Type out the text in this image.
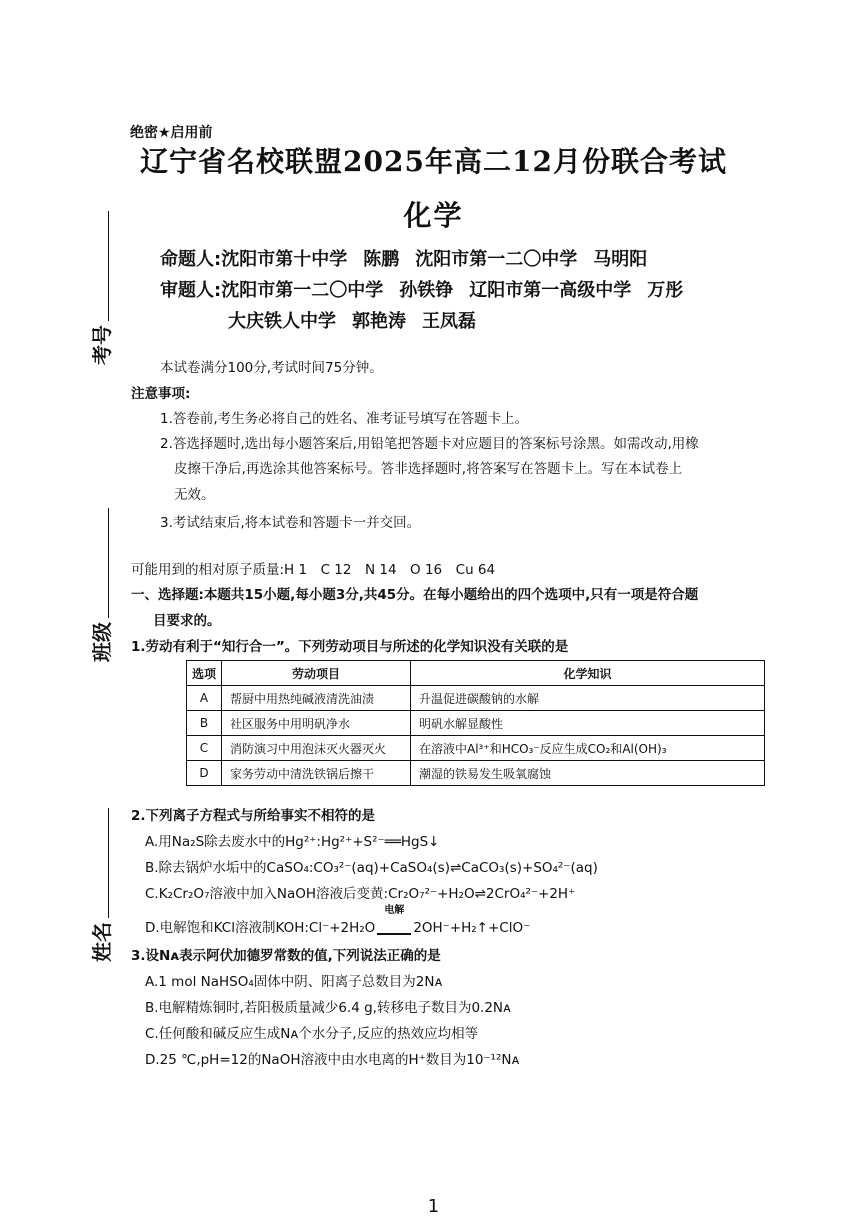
绝密★启用前
辽宁省名校联盟2025年高二12月份联合考试
化学
命题人:沈阳市第十中学 陈鹏 沈阳市第一二〇中学 马明阳
审题人:沈阳市第一二〇中学 孙铁铮 辽阳市第一高级中学 万彤
大庆铁人中学 郭艳涛 王凤磊
考号
班级
姓名
本试卷满分100分,考试时间75分钟。
注意事项:
1.答卷前,考生务必将自己的姓名、准考证号填写在答题卡上。
2.答选择题时,选出每小题答案后,用铅笔把答题卡对应题目的答案标号涂黑。如需改动,用橡
皮擦干净后,再选涂其他答案标号。答非选择题时,将答案写在答题卡上。写在本试卷上
无效。
3.考试结束后,将本试卷和答题卡一并交回。
可能用到的相对原子质量:H 1　C 12　N 14　O 16　Cu 64
一、选择题:本题共15小题,每小题3分,共45分。在每小题给出的四个选项中,只有一项是符合题
目要求的。
1.劳动有利于“知行合一”。下列劳动项目与所述的化学知识没有关联的是
选项	劳动项目	化学知识
A	帮厨中用热纯碱液清洗油渍	升温促进碳酸钠的水解
B	社区服务中用明矾净水	明矾水解显酸性
C	消防演习中用泡沫灭火器灭火	在溶液中Al³⁺和HCO₃⁻反应生成CO₂和Al(OH)₃
D	家务劳动中清洗铁锅后擦干	潮湿的铁易发生吸氧腐蚀
2.下列离子方程式与所给事实不相符的是
A.用Na₂S除去废水中的Hg²⁺:Hg²⁺+S²⁻══HgS↓
B.除去锅炉水垢中的CaSO₄:CO₃²⁻(aq)+CaSO₄(s)⇌CaCO₃(s)+SO₄²⁻(aq)
C.K₂Cr₂O₇溶液中加入NaOH溶液后变黄:Cr₂O₇²⁻+H₂O⇌2CrO₄²⁻+2H⁺
D.电解饱和KCl溶液制KOH:Cl⁻+2H₂O
电解
2OH⁻+H₂↑+ClO⁻
3.设Nᴀ表示阿伏加德罗常数的值,下列说法正确的是
A.1 mol NaHSO₄固体中阴、阳离子总数目为2Nᴀ
B.电解精炼铜时,若阳极质量减少6.4 g,转移电子数目为0.2Nᴀ
C.任何酸和碱反应生成Nᴀ个水分子,反应的热效应均相等
D.25 ℃,pH=12的NaOH溶液中由水电离的H⁺数目为10⁻¹²Nᴀ
1
